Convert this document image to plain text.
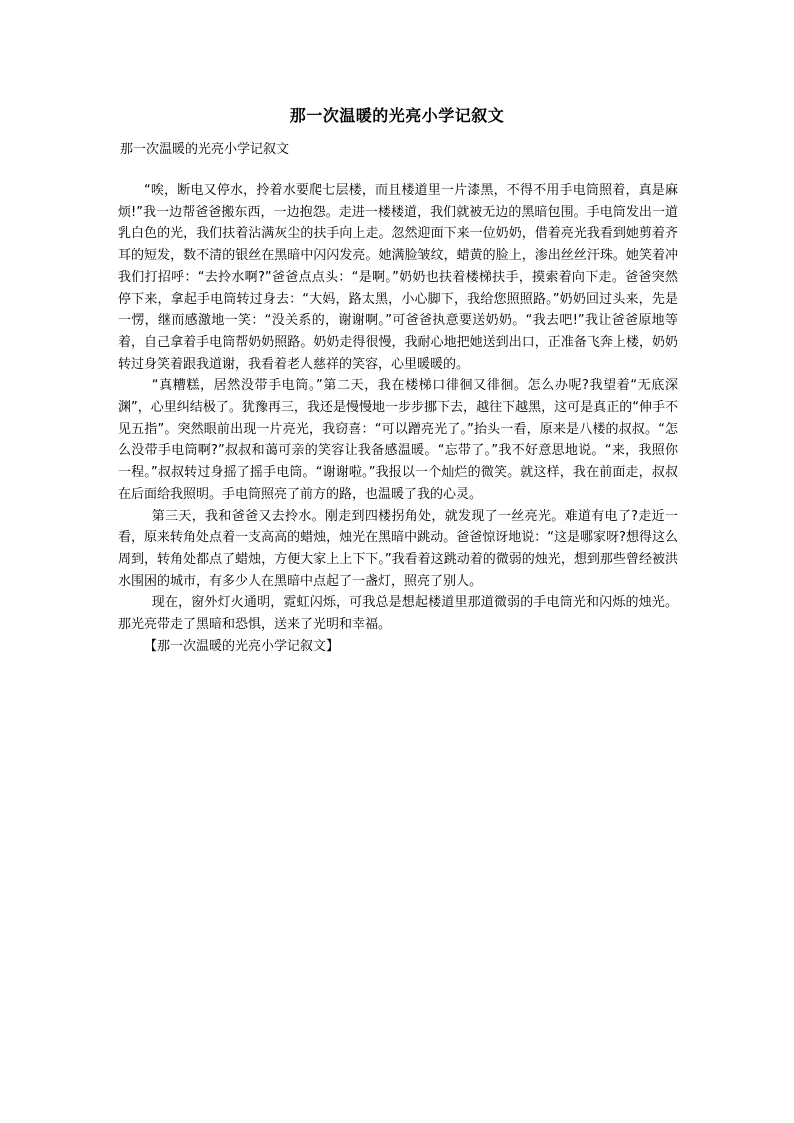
那一次温暖的光亮小学记叙文

那一次温暖的光亮小学记叙文

“唉，断电又停水，拎着水要爬七层楼，而且楼道里一片漆黑，不得不用手电筒照着，真是麻烦!”我一边帮爸爸搬东西，一边抱怨。走进一楼楼道，我们就被无边的黑暗包围。手电筒发出一道乳白色的光，我们扶着沾满灰尘的扶手向上走。忽然迎面下来一位奶奶，借着亮光我看到她剪着齐耳的短发，数不清的银丝在黑暗中闪闪发亮。她满脸皱纹，蜡黄的脸上，渗出丝丝汗珠。她笑着冲我们打招呼：“去拎水啊?”爸爸点点头：“是啊。”奶奶也扶着楼梯扶手，摸索着向下走。爸爸突然停下来，拿起手电筒转过身去：“大妈，路太黑，小心脚下，我给您照照路。”奶奶回过头来，先是一愣，继而感激地一笑：“没关系的，谢谢啊。”可爸爸执意要送奶奶。“我去吧!”我让爸爸原地等着，自己拿着手电筒帮奶奶照路。奶奶走得很慢，我耐心地把她送到出口，正准备飞奔上楼，奶奶转过身笑着跟我道谢，我看着老人慈祥的笑容，心里暖暖的。

“真糟糕，居然没带手电筒。”第二天，我在楼梯口徘徊又徘徊。怎么办呢?我望着“无底深渊”，心里纠结极了。犹豫再三，我还是慢慢地一步步挪下去，越往下越黑，这可是真正的“伸手不见五指”。突然眼前出现一片亮光，我窃喜：“可以蹭亮光了。”抬头一看，原来是八楼的叔叔。“怎么没带手电筒啊?”叔叔和蔼可亲的笑容让我备感温暖。“忘带了。”我不好意思地说。“来，我照你一程。”叔叔转过身摇了摇手电筒。“谢谢啦。”我报以一个灿烂的微笑。就这样，我在前面走，叔叔在后面给我照明。手电筒照亮了前方的路，也温暖了我的心灵。

第三天，我和爸爸又去拎水。刚走到四楼拐角处，就发现了一丝亮光。难道有电了?走近一看，原来转角处点着一支高高的蜡烛，烛光在黑暗中跳动。爸爸惊讶地说：“这是哪家呀?想得这么周到，转角处都点了蜡烛，方便大家上上下下。”我看着这跳动着的微弱的烛光，想到那些曾经被洪水围困的城市，有多少人在黑暗中点起了一盏灯，照亮了别人。

现在，窗外灯火通明，霓虹闪烁，可我总是想起楼道里那道微弱的手电筒光和闪烁的烛光。那光亮带走了黑暗和恐惧，送来了光明和幸福。

【那一次温暖的光亮小学记叙文】
